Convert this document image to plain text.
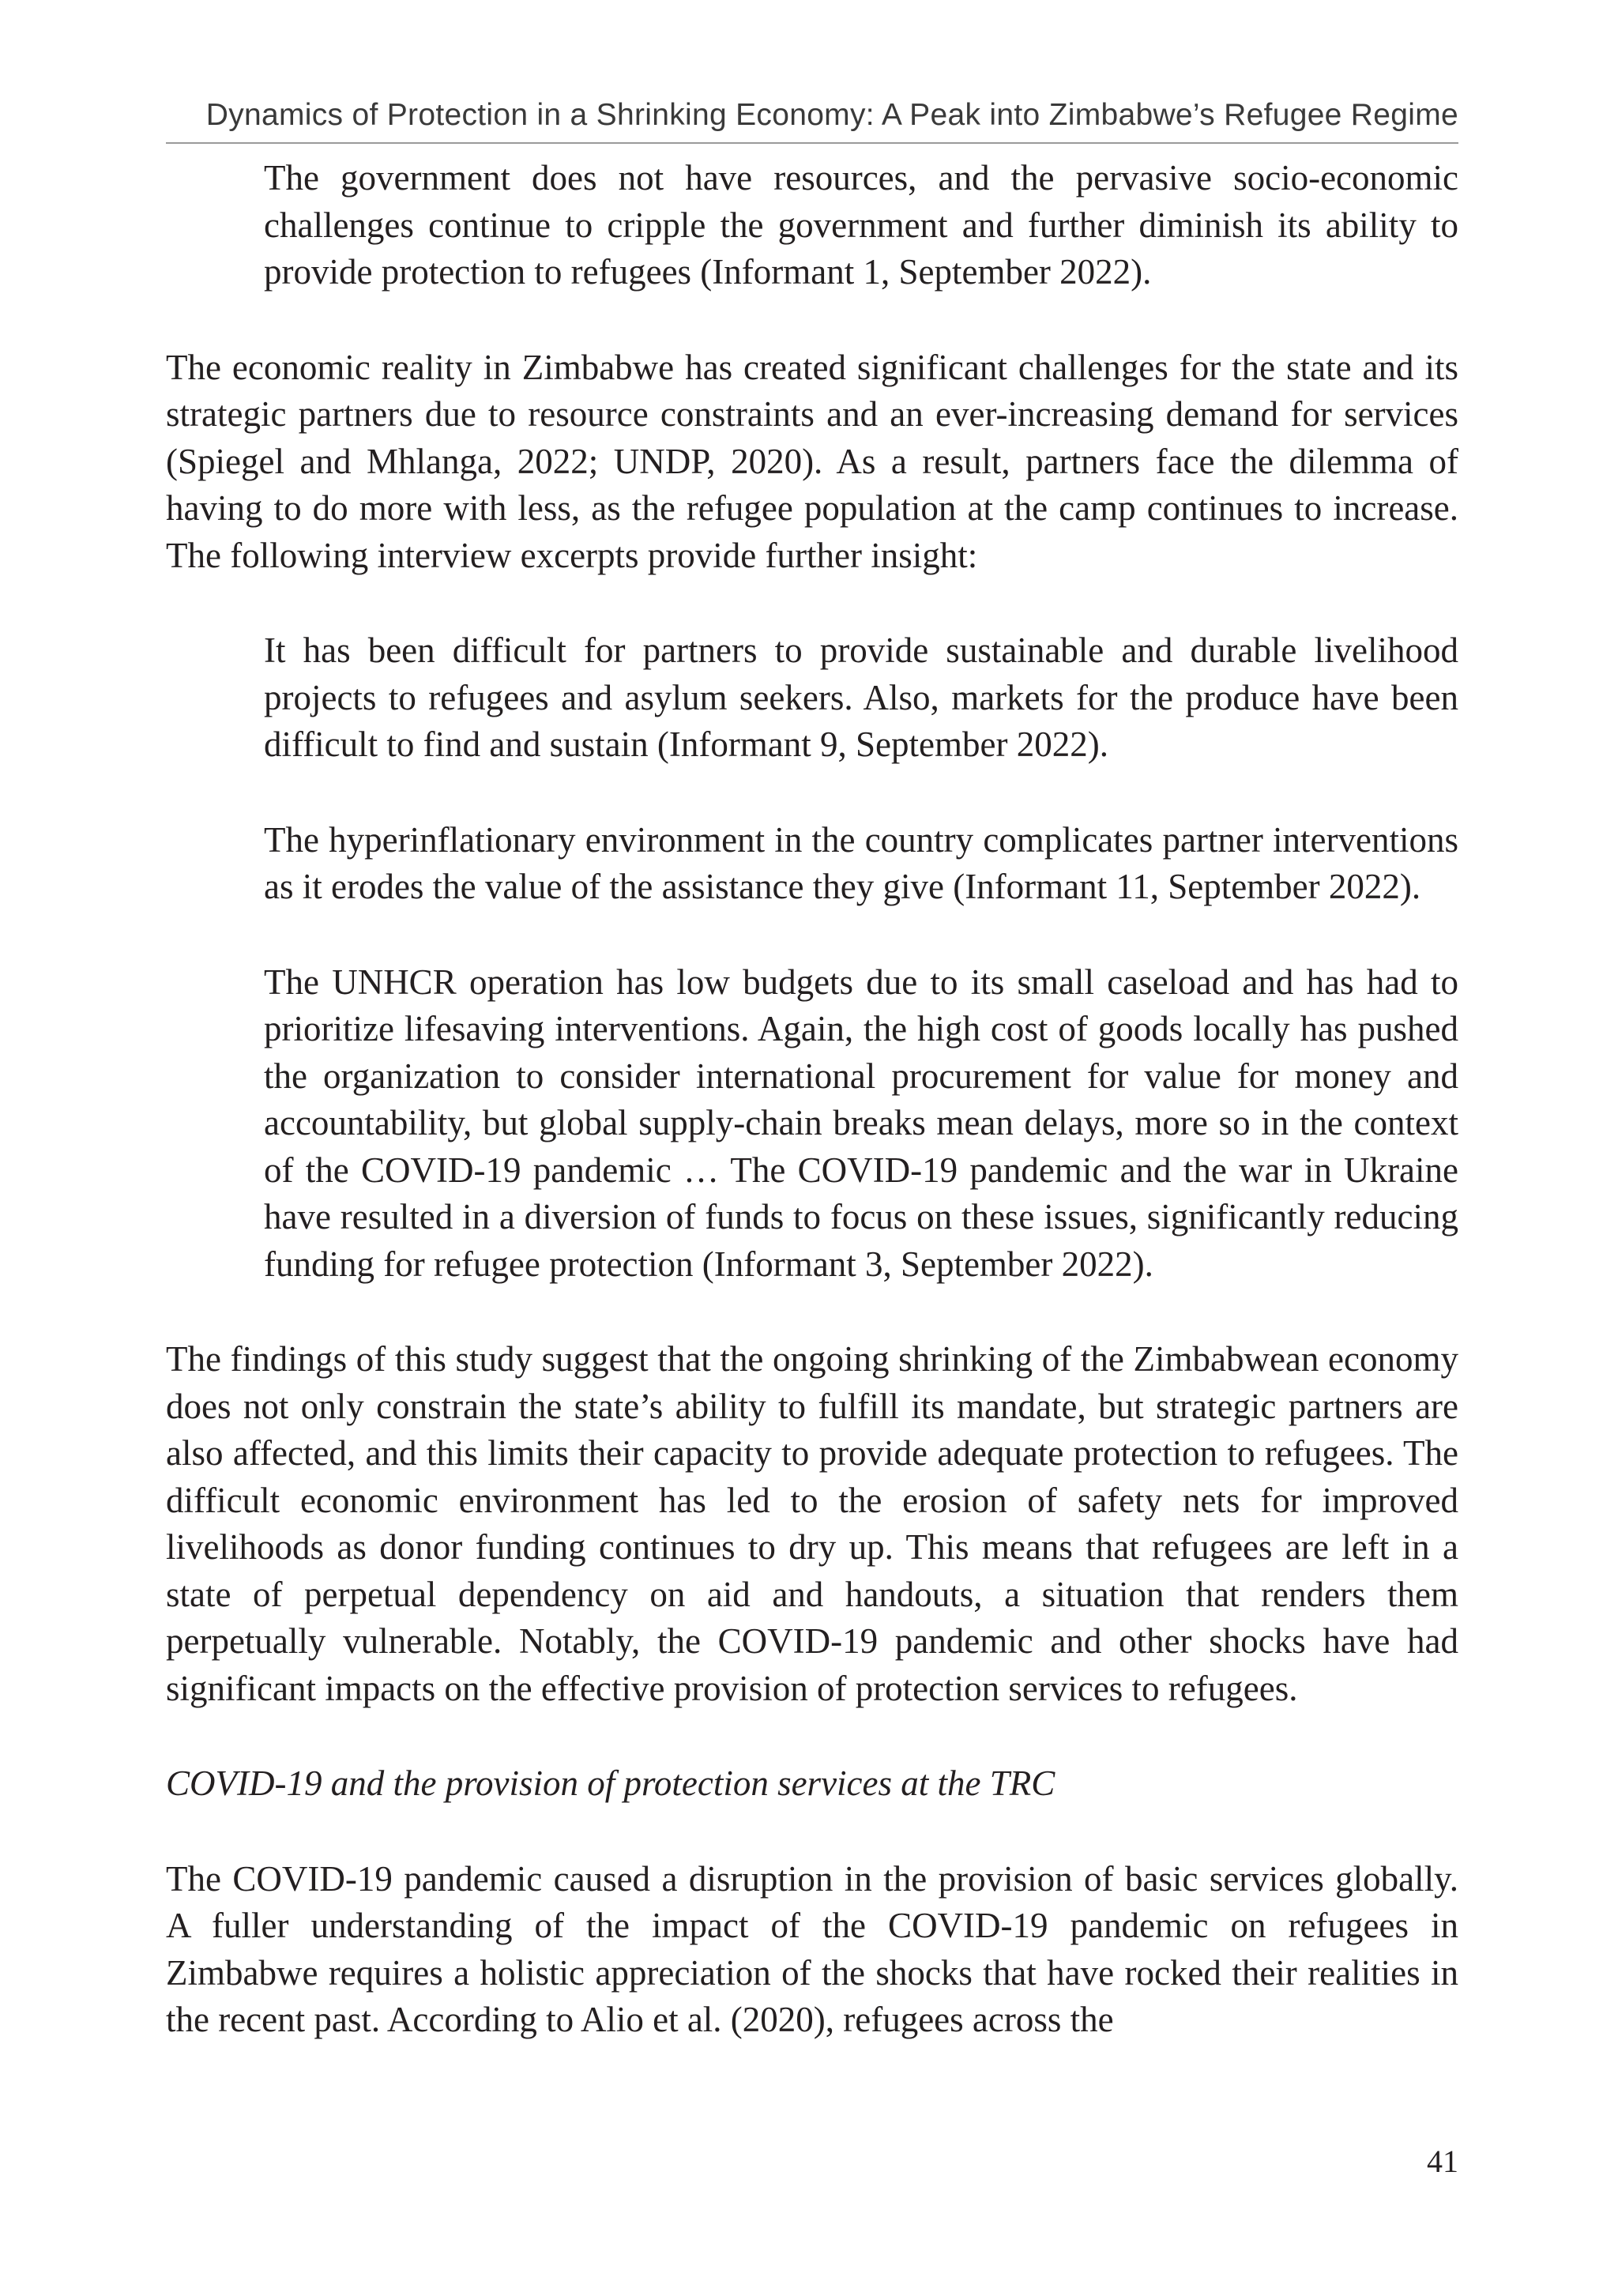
Dynamics of Protection in a Shrinking Economy: A Peak into Zimbabwe’s Refugee Regime

The government does not have resources, and the pervasive socio-economic challenges continue to cripple the government and further diminish its ability to provide protection to refugees (Informant 1, September 2022).

The economic reality in Zimbabwe has created significant challenges for the state and its strategic partners due to resource constraints and an ever-increasing demand for services (Spiegel and Mhlanga, 2022; UNDP, 2020). As a result, partners face the dilemma of having to do more with less, as the refugee population at the camp continues to increase. The following interview excerpts provide further insight:

It has been difficult for partners to provide sustainable and durable livelihood projects to refugees and asylum seekers. Also, markets for the produce have been difficult to find and sustain (Informant 9, September 2022).

The hyperinflationary environment in the country complicates partner interventions as it erodes the value of the assistance they give (Informant 11, September 2022).

The UNHCR operation has low budgets due to its small caseload and has had to prioritize lifesaving interventions. Again, the high cost of goods locally has pushed the organization to consider international procurement for value for money and accountability, but global supply-chain breaks mean delays, more so in the context of the COVID-19 pandemic … The COVID-19 pandemic and the war in Ukraine have resulted in a diversion of funds to focus on these issues, significantly reducing funding for refugee protection (Informant 3, September 2022).

The findings of this study suggest that the ongoing shrinking of the Zimbabwean economy does not only constrain the state’s ability to fulfill its mandate, but strategic partners are also affected, and this limits their capacity to provide adequate protection to refugees. The difficult economic environment has led to the erosion of safety nets for improved livelihoods as donor funding continues to dry up. This means that refugees are left in a state of perpetual dependency on aid and handouts, a situation that renders them perpetually vulnerable. Notably, the COVID-19 pandemic and other shocks have had significant impacts on the effective provision of protection services to refugees.

COVID-19 and the provision of protection services at the TRC

The COVID-19 pandemic caused a disruption in the provision of basic services globally. A fuller understanding of the impact of the COVID-19 pandemic on refugees in Zimbabwe requires a holistic appreciation of the shocks that have rocked their realities in the recent past. According to Alio et al. (2020), refugees across the

41
